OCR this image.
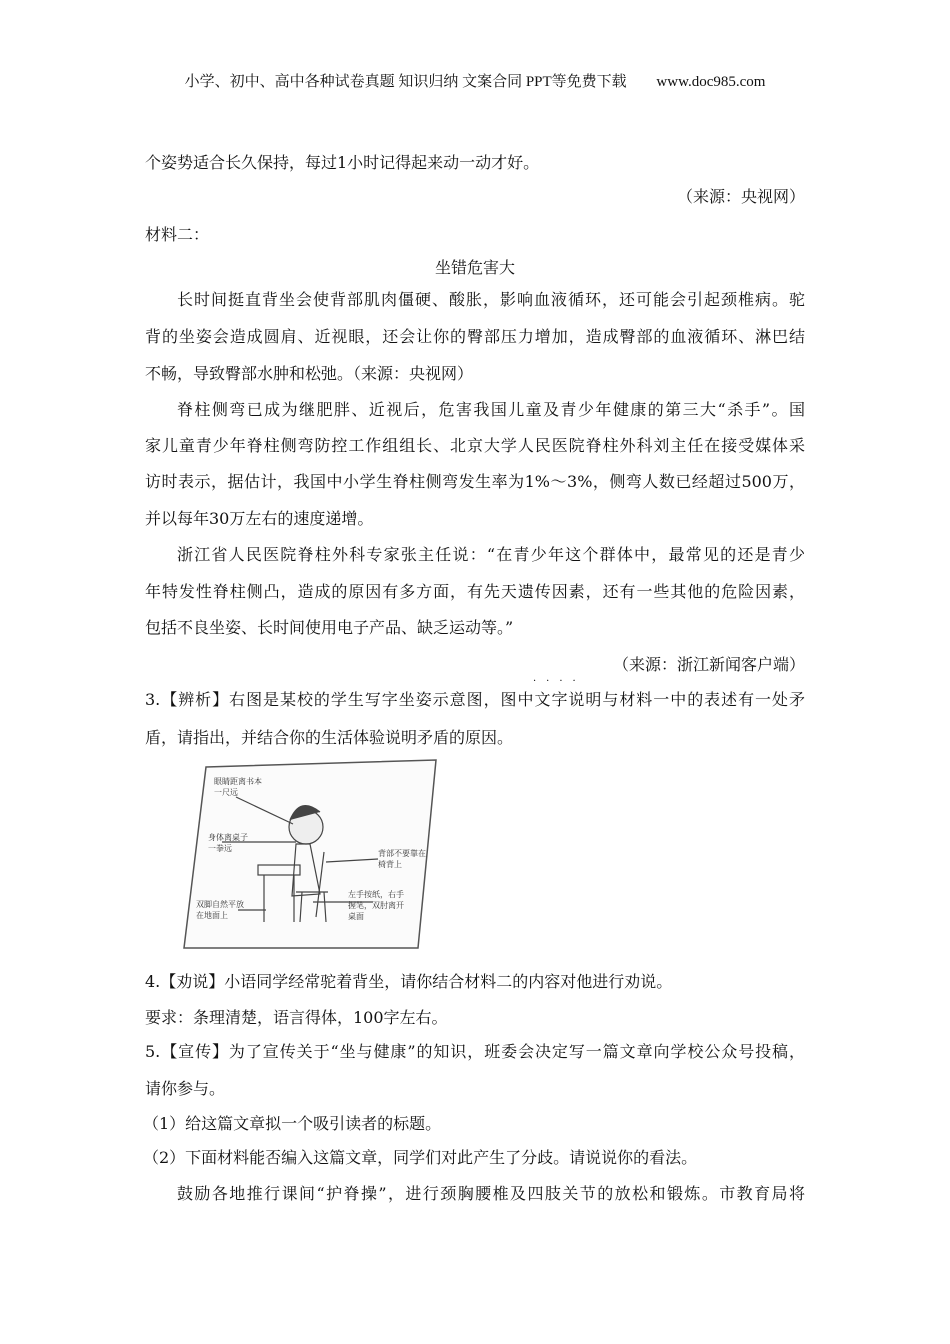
小学、初中、高中各种试卷真题 知识归纳 文案合同 PPT等免费下载 www.doc985.com
个姿势适合长久保持，每过1小时记得起来动一动才好。
（来源：央视网）
材料二：
坐错危害大
长时间挺直背坐会使背部肌肉僵硬、酸胀，影响血液循环，还可能会引起颈椎病。驼
背的坐姿会造成圆肩、近视眼，还会让你的臀部压力增加，造成臀部的血液循环、淋巴结
不畅，导致臀部水肿和松弛。（来源：央视网）
脊柱侧弯已成为继肥胖、近视后，危害我国儿童及青少年健康的第三大“杀手”。国
家儿童青少年脊柱侧弯防控工作组组长、北京大学人民医院脊柱外科刘主任在接受媒体采
访时表示，据估计，我国中小学生脊柱侧弯发生率为1%～3%，侧弯人数已经超过500万，
并以每年30万左右的速度递增。
浙江省人民医院脊柱外科专家张主任说：“在青少年这个群体中，最常见的还是青少
年特发性脊柱侧凸，造成的原因有多方面，有先天遗传因素，还有一些其他的危险因素，
包括不良坐姿、长时间使用电子产品、缺乏运动等。”
（来源：浙江新闻客户端）
····
3.【辨析】右图是某校的学生写字坐姿示意图，图中文字说明与材料一中的表述有一处矛
盾，请指出，并结合你的生活体验说明矛盾的原因。
眼睛距离书本
一尺远
身体离桌子
一拳远
背部不要靠在
椅背上
双脚自然平放
在地面上
左手按纸，右手
握笔，双肘离开
桌面
4.【劝说】小语同学经常驼着背坐，请你结合材料二的内容对他进行劝说。
要求：条理清楚，语言得体，100字左右。
5.【宣传】为了宣传关于“坐与健康”的知识，班委会决定写一篇文章向学校公众号投稿，
请你参与。
（1）给这篇文章拟一个吸引读者的标题。
（2）下面材料能否编入这篇文章，同学们对此产生了分歧。请说说你的看法。
鼓励各地推行课间“护脊操”，进行颈胸腰椎及四肢关节的放松和锻炼。市教育局将
